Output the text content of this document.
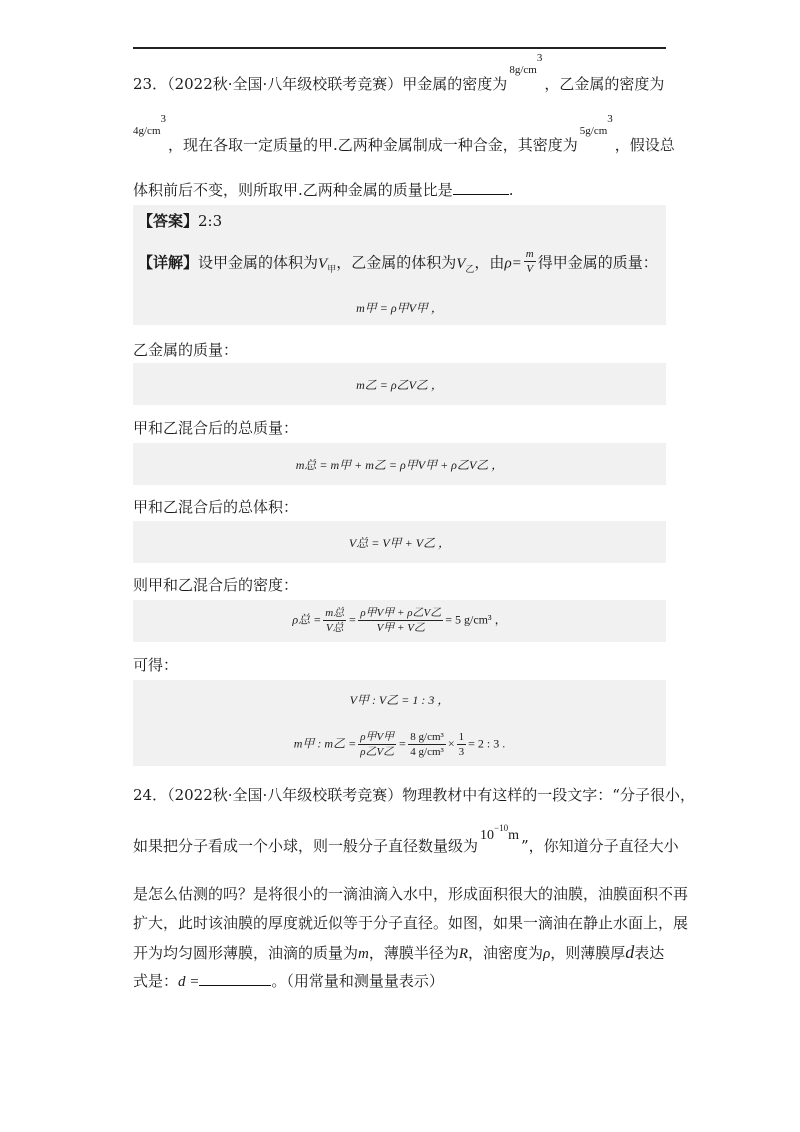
23．（2022秋·全国·八年级校联考竞赛）甲金属的密度为$^{8g/cm3}$，乙金属的密度为
$^{4g/cm3}$，现在各取一定质量的甲.乙两种金属制成一种合金，其密度为$^{5g/cm3}$，假设总
体积前后不变，则所取甲.乙两种金属的质量比是	.
【答案】2:3
【详解】设甲金属的体积为$V_甲$，乙金属的体积为$V_乙$，由$\rho= \frac{m}{V}$ 得甲金属的质量：
m甲 = ρ甲V甲 ，
乙金属的质量：
m乙 = ρ乙V乙 ，
甲和乙混合后的总质量：
m总 = m甲 + m乙 = ρ甲V甲 + ρ乙V乙 ，
甲和乙混合后的总体积：
V总 = V甲 + V乙 ，
则甲和乙混合后的密度：
ρ总 = $\frac{\text{m总}}{\text{V总}} = \frac{\text{ρ甲V甲 + ρ乙V乙}}{\text{V甲 + V乙}} = 5$ g/cm³ ，
可得：
V甲 : V乙 = 1 : 3 ，
m甲 : m乙 = $\frac{\text{ρ甲V甲}}{\text{ρ乙V乙}} = \frac{\text{8 g/cm³}}{\text{4 g/cm³}} \times \frac{1}{3} = 2$ : 3 .
24．（2022秋·全国·八年级校联考竞赛）物理教材中有这样的一段文字：“分子很小，
如果把分子看成一个小球，则一般分子直径数量级为$10^{-10}m$”，你知道分子直径大小
是怎么估测的吗？是将很小的一滴油滴入水中，形成面积很大的油膜，油膜面积不再
扩大，此时该油膜的厚度就近似等于分子直径。如图，如果一滴油在静止水面上，展
开为均匀圆形薄膜，油滴的质量为m，薄膜半径为R，油密度为ρ，则薄膜厚d表达
式是：d =	。（用常量和测量量表示）
